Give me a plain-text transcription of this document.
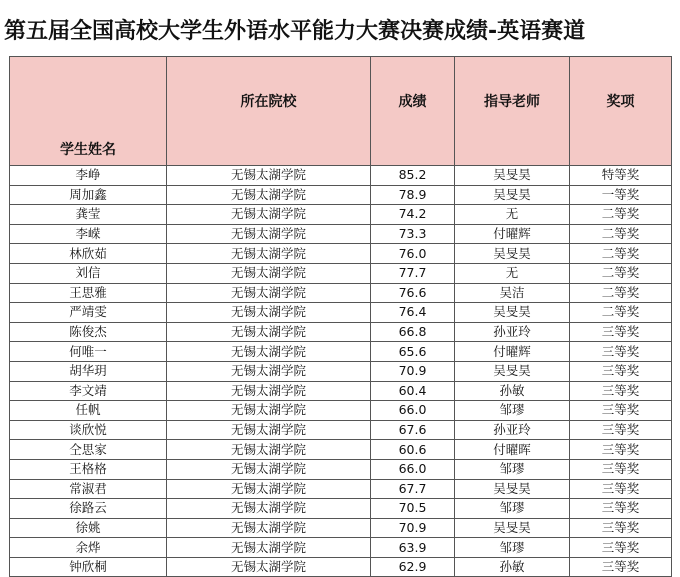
第五届全国高校大学生外语水平能力大赛决赛成绩-英语赛道
学生姓名	所在院校	成绩	指导老师	奖项
李峥	无锡太湖学院	85.2	吴旻昊	特等奖
周加鑫	无锡太湖学院	78.9	吴旻昊	一等奖
龚莹	无锡太湖学院	74.2	无	二等奖
李嵘	无锡太湖学院	73.3	付曜辉	二等奖
林欣茹	无锡太湖学院	76.0	吴旻昊	二等奖
刘信	无锡太湖学院	77.7	无	二等奖
王思雅	无锡太湖学院	76.6	吴洁	二等奖
严靖雯	无锡太湖学院	76.4	吴旻昊	二等奖
陈俊杰	无锡太湖学院	66.8	孙亚玲	三等奖
何唯一	无锡太湖学院	65.6	付曜辉	三等奖
胡华玥	无锡太湖学院	70.9	吴旻昊	三等奖
李文靖	无锡太湖学院	60.4	孙敏	三等奖
任帆	无锡太湖学院	66.0	邹璆	三等奖
谈欣悦	无锡太湖学院	67.6	孙亚玲	三等奖
仝思家	无锡太湖学院	60.6	付曜晖	三等奖
王格格	无锡太湖学院	66.0	邹璆	三等奖
常淑君	无锡太湖学院	67.7	吴旻昊	三等奖
徐路云	无锡太湖学院	70.5	邹璆	三等奖
徐姚	无锡太湖学院	70.9	吴旻昊	三等奖
余烨	无锡太湖学院	63.9	邹璆	三等奖
钟欣桐	无锡太湖学院	62.9	孙敏	三等奖
